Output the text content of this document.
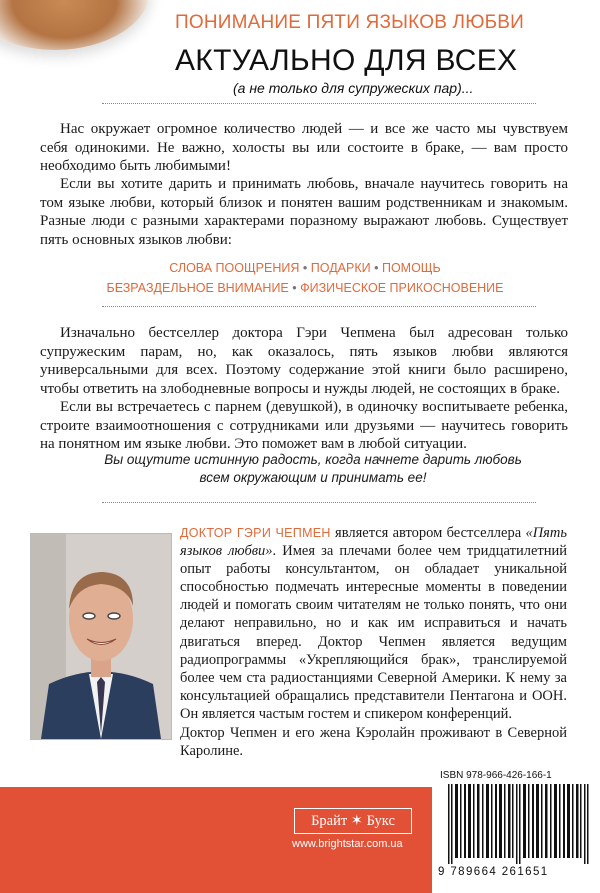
ПОНИМАНИЕ ПЯТИ ЯЗЫКОВ ЛЮБВИ
АКТУАЛЬНО ДЛЯ ВСЕХ
(а не только для супружеских пар)...

Нас окружает огромное количество людей — и все же часто мы чувствуем себя одинокими. Не важно, холосты вы или состоите в браке, — вам просто необходимо быть любимыми!

Если вы хотите дарить и принимать любовь, вначале научитесь говорить на том языке любви, который близок и понятен вашим родственникам и знакомым. Разные люди с разными характерами поразному выражают любовь. Существует пять основных языков любви:

СЛОВА ПООЩРЕНИЯ • ПОДАРКИ • ПОМОЩЬ
БЕЗРАЗДЕЛЬНОЕ ВНИМАНИЕ • ФИЗИЧЕСКОЕ ПРИКОСНОВЕНИЕ

Изначально бестселлер доктора Гэри Чепмена был адресован только супружеским парам, но, как оказалось, пять языков любви являются универсальными для всех. Поэтому содержание этой книги было расширено, чтобы ответить на злободневные вопросы и нужды людей, не состоящих в браке.

Если вы встречаетесь с парнем (девушкой), в одиночку воспитываете ребенка, строите взаимоотношения с сотрудниками или друзьями — научитесь говорить на понятном им языке любви. Это поможет вам в любой ситуации.

Вы ощутите истинную радость, когда начнете дарить любовь
всем окружающим и принимать ее!

ДОКТОР ГЭРИ ЧЕПМЕН является автором бестселлера «Пять языков любви». Имея за плечами более чем тридцатилетний опыт работы консультантом, он обладает уникальной способностью подмечать интересные моменты в поведении людей и помогать своим читателям не только понять, что они делают неправильно, но и как им исправиться и начать двигаться вперед. Доктор Чепмен является ведущим радиопрограммы «Укрепляющийся брак», транслируемой более чем ста радиостанциями Северной Америки. К нему за консультацией обращались представители Пентагона и ООН. Он является частым гостем и спикером конференций.

Доктор Чепмен и его жена Кэролайн проживают в Северной Каролине.

Брайт ✶ Букс
www.brightstar.com.ua
ISBN 978-966-426-166-1
9 789664 261651
